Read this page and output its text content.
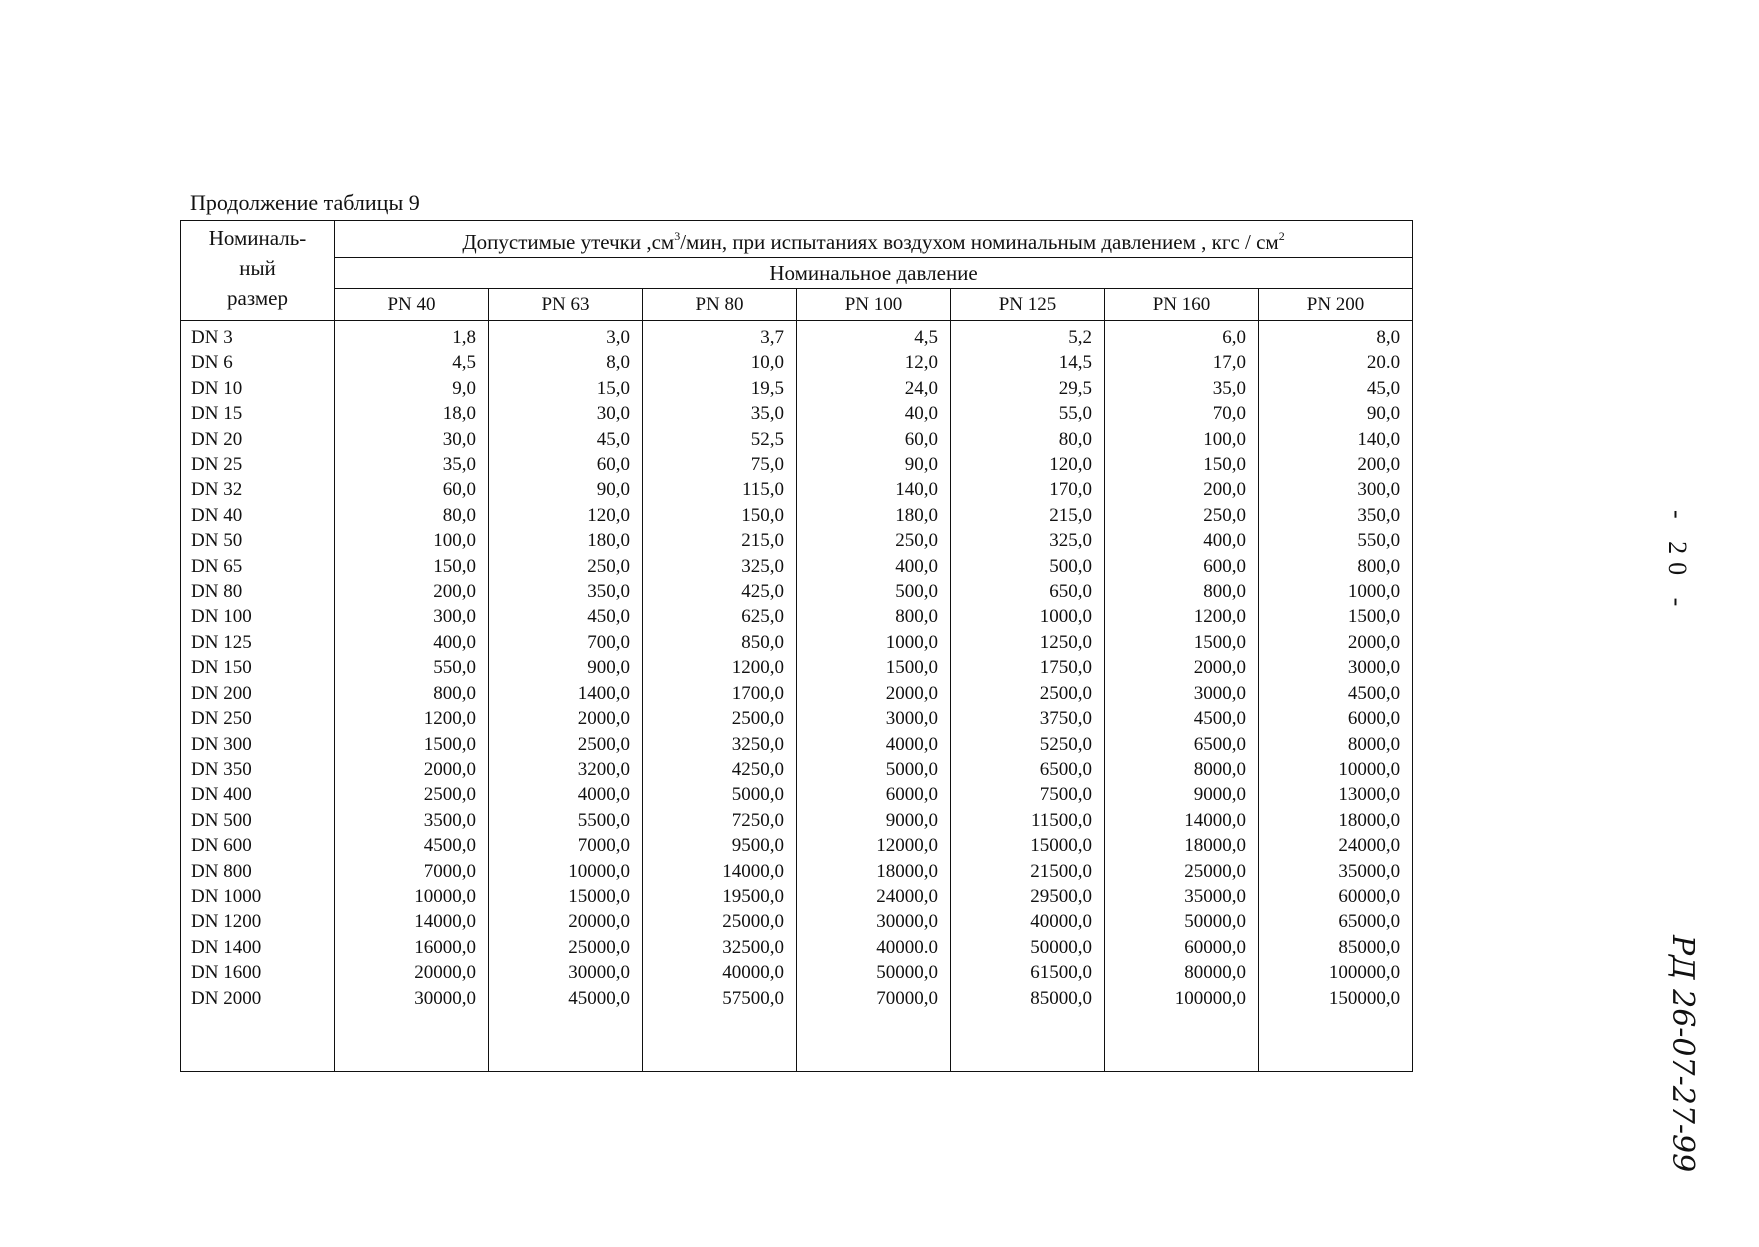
Продолжение таблицы 9
Номиналь-
ный
размер	Допустимые утечки $,см^3$/мин, при испытаниях воздухом номинальным давлением , кгс / $см^2$
	Номинальное давление						
	PN 40	PN 63	PN 80	PN 100	PN 125	PN 160	PN 200
DN 3	1,8	3,0	3,7	4,5	5,2	6,0	8,0
DN 6	4,5	8,0	10,0	12,0	14,5	17,0	20.0
DN 10	9,0	15,0	19,5	24,0	29,5	35,0	45,0
DN 15	18,0	30,0	35,0	40,0	55,0	70,0	90,0
DN 20	30,0	45,0	52,5	60,0	80,0	100,0	140,0
DN 25	35,0	60,0	75,0	90,0	120,0	150,0	200,0
DN 32	60,0	90,0	115,0	140,0	170,0	200,0	300,0
DN 40	80,0	120,0	150,0	180,0	215,0	250,0	350,0
DN 50	100,0	180,0	215,0	250,0	325,0	400,0	550,0
DN 65	150,0	250,0	325,0	400,0	500,0	600,0	800,0
DN 80	200,0	350,0	425,0	500,0	650,0	800,0	1000,0
DN 100	300,0	450,0	625,0	800,0	1000,0	1200,0	1500,0
DN 125	400,0	700,0	850,0	1000,0	1250,0	1500,0	2000,0
DN 150	550,0	900,0	1200,0	1500,0	1750,0	2000,0	3000,0
DN 200	800,0	1400,0	1700,0	2000,0	2500,0	3000,0	4500,0
DN 250	1200,0	2000,0	2500,0	3000,0	3750,0	4500,0	6000,0
DN 300	1500,0	2500,0	3250,0	4000,0	5250,0	6500,0	8000,0
DN 350	2000,0	3200,0	4250,0	5000,0	6500,0	8000,0	10000,0
DN 400	2500,0	4000,0	5000,0	6000,0	7500,0	9000,0	13000,0
DN 500	3500,0	5500,0	7250,0	9000,0	11500,0	14000,0	18000,0
DN 600	4500,0	7000,0	9500,0	12000,0	15000,0	18000,0	24000,0
DN 800	7000,0	10000,0	14000,0	18000,0	21500,0	25000,0	35000,0
DN 1000	10000,0	15000,0	19500,0	24000,0	29500,0	35000,0	60000,0
DN 1200	14000,0	20000,0	25000,0	30000,0	40000,0	50000,0	65000,0
DN 1400	16000,0	25000,0	32500,0	40000.0	50000,0	60000,0	85000,0
DN 1600	20000,0	30000,0	40000,0	50000,0	61500,0	80000,0	100000,0
DN 2000	30000,0	45000,0	57500,0	70000,0	85000,0	100000,0	150000,0

- 20 -
РД 26-07-27-99
